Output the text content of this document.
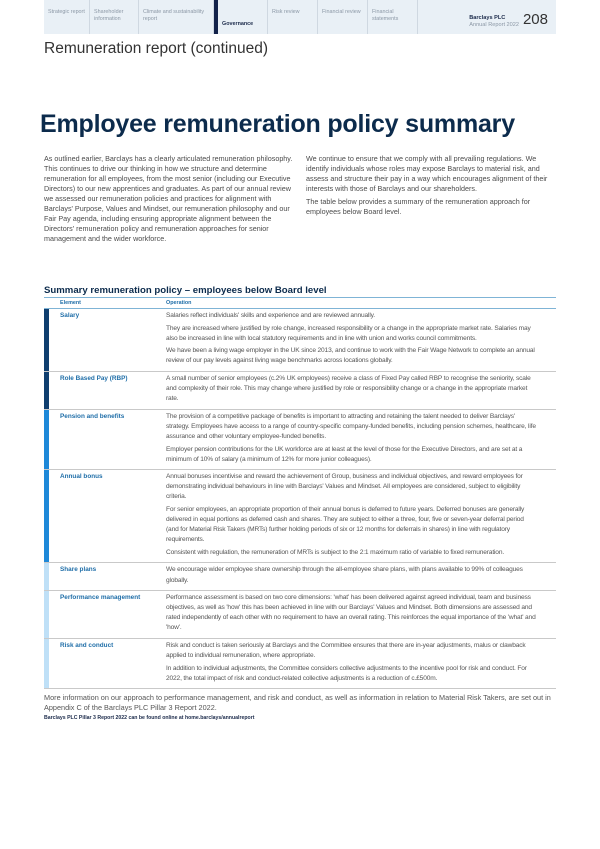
Strategic report	Shareholder information
Climate and sustainability report
Governance
Risk review	Financial review	Financial statements	Barclays PLC
Annual Report 2022 208
Remuneration report (continued)
Employee remuneration policy summary

As outlined earlier, Barclays has a clearly articulated remuneration philosophy. This continues to drive our thinking in how we structure and determine remuneration for all employees, from the most senior (including our Executive Directors) to our new apprentices and graduates. As part of our annual review we assessed our remuneration policies and practices for alignment with Barclays' Purpose, Values and Mindset, our remuneration philosophy and our Fair Pay agenda, including ensuring appropriate alignment between the Directors' remuneration policy and remuneration approaches for senior management and the wider workforce.

We continue to ensure that we comply with all prevailing regulations. We identify individuals whose roles may expose Barclays to material risk, and assess and structure their pay in a way which encourages alignment of their interests with those of Barclays and our shareholders.

The table below provides a summary of the remuneration approach for employees below Board level.

Summary remuneration policy – employees below Board level
Element	Operation
Salary	Salaries reflect individuals' skills and experience and are reviewed annually.

They are increased where justified by role change, increased responsibility or a change in the appropriate market rate. Salaries may also be increased in line with local statutory requirements and in line with union and works council commitments.

We have been a living wage employer in the UK since 2013, and continue to work with the Fair Wage Network to complete an annual review of our pay levels against living wage benchmarks across locations globally.

Role Based Pay (RBP)	A small number of senior employees (c.2% UK employees) receive a class of Fixed Pay called RBP to recognise the seniority, scale and complexity of their role. This may change where justified by role or responsibility change or a change in the appropriate market rate.

Pension and benefits	The provision of a competitive package of benefits is important to attracting and retaining the talent needed to deliver Barclays' strategy. Employees have access to a range of country-specific company-funded benefits, including pension schemes, healthcare, life assurance and other voluntary employee-funded benefits.

Employer pension contributions for the UK workforce are at least at the level of those for the Executive Directors, and are set at a minimum of 10% of salary (a minimum of 12% for more junior colleagues).

Annual bonus	Annual bonuses incentivise and reward the achievement of Group, business and individual objectives, and reward employees for demonstrating individual behaviours in line with Barclays' Values and Mindset. All employees are considered, subject to eligibility criteria.

For senior employees, an appropriate proportion of their annual bonus is deferred to future years. Deferred bonuses are generally delivered in equal portions as deferred cash and shares. They are subject to either a three, four, five or seven-year deferral period (and for Material Risk Takers (MRTs) further holding periods of six or 12 months for deferrals in shares) in line with regulatory requirements.

Consistent with regulation, the remuneration of MRTs is subject to the 2:1 maximum ratio of variable to fixed remuneration.

Share plans	We encourage wider employee share ownership through the all-employee share plans, with plans available to 99% of colleagues globally.

Performance management	Performance assessment is based on two core dimensions: 'what' has been delivered against agreed individual, team and business objectives, as well as 'how' this has been achieved in line with our Barclays' Values and Mindset. Both dimensions are assessed and rated independently of each other with no requirement to have an overall rating. This reinforces the equal importance of the 'what' and 'how'.

Risk and conduct	Risk and conduct is taken seriously at Barclays and the Committee ensures that there are in-year adjustments, malus or clawback applied to individual remuneration, where appropriate.

In addition to individual adjustments, the Committee considers collective adjustments to the incentive pool for risk and conduct. For 2022, the total impact of risk and conduct-related collective adjustments is a reduction of c.£500m.

More information on our approach to performance management, and risk and conduct, as well as information in relation to Material Risk Takers, are set out in Appendix C of the Barclays PLC Pillar 3 Report 2022.
Barclays PLC Pillar 3 Report 2022 can be found online at home.barclays/annualreport
